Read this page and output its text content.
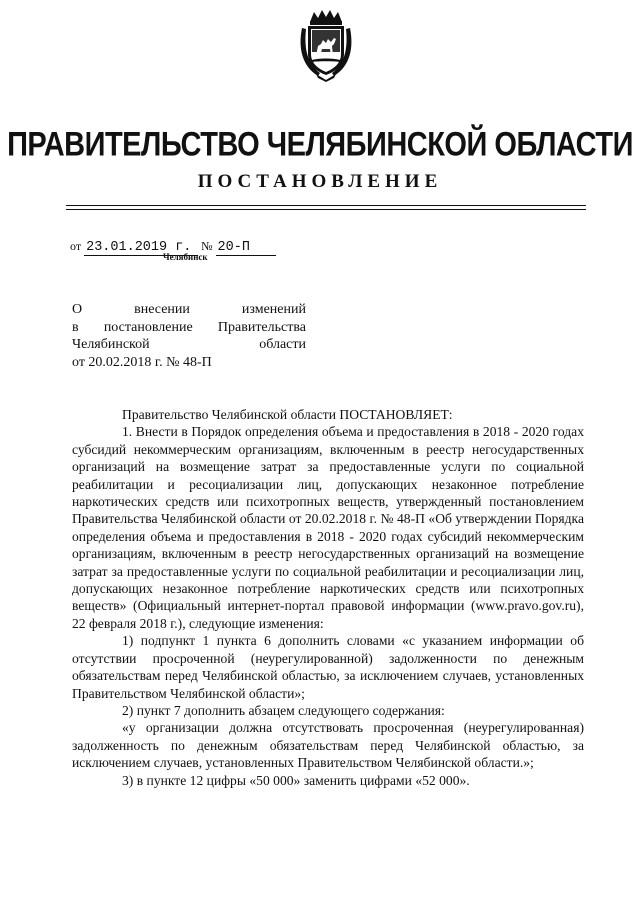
ПРАВИТЕЛЬСТВО ЧЕЛЯБИНСКОЙ ОБЛАСТИ
ПОСТАНОВЛЕНИЕ
от 23.01.2019 г. № 20-П
Челябинск
О внесении изменений
в постановление Правительства
Челябинской области
от 20.02.2018 г. № 48-П

Правительство Челябинской области ПОСТАНОВЛЯЕТ:

1. Внести в Порядок определения объема и предоставления в 2018 - 2020 годах субсидий некоммерческим организациям, включенным в реестр негосударственных организаций на возмещение затрат за предоставленные услуги по социальной реабилитации и ресоциализации лиц, допускающих незаконное потребление наркотических средств или психотропных веществ, утвержденный постановлением Правительства Челябинской области от 20.02.2018 г. № 48-П «Об утверждении Порядка определения объема и предоставления в 2018 - 2020 годах субсидий некоммерческим организациям, включенным в реестр негосударственных организаций на возмещение затрат за предоставленные услуги по социальной реабилитации и ресоциализации лиц, допускающих незаконное потребление наркотических средств или психотропных веществ» (Официальный интернет-портал правовой информации (www.pravo.gov.ru), 22 февраля 2018 г.), следующие изменения:

1) подпункт 1 пункта 6 дополнить словами «с указанием информации об отсутствии просроченной (неурегулированной) задолженности по денежным обязательствам перед Челябинской областью, за исключением случаев, установленных Правительством Челябинской области»;

2) пункт 7 дополнить абзацем следующего содержания:

«у организации должна отсутствовать просроченная (неурегулированная) задолженность по денежным обязательствам перед Челябинской областью, за исключением случаев, установленных Правительством Челябинской области.»;

3) в пункте 12 цифры «50 000» заменить цифрами «52 000».
